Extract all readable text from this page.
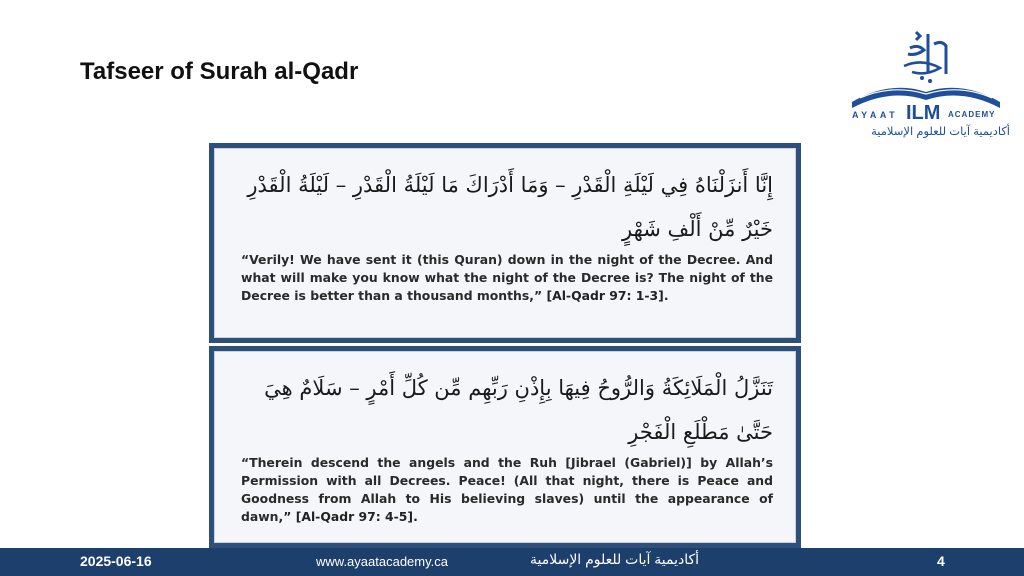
Tafseer of Surah al-Qadr
AYAAT ILM ACADEMY
أكاديمية آيات للعلوم الإسلامية
إِنَّا أَنزَلْنَاهُ فِي لَيْلَةِ الْقَدْرِ – وَمَا أَدْرَاكَ مَا لَيْلَةُ الْقَدْرِ – لَيْلَةُ الْقَدْرِ
خَيْرٌ مِّنْ أَلْفِ شَهْرٍ
“Verily! We have sent it (this Quran) down in the night of the Decree. And what will make you know what the night of the Decree is? The night of the Decree is better than a thousand months,” [Al-Qadr 97: 1-3].
تَنَزَّلُ الْمَلَائِكَةُ وَالرُّوحُ فِيهَا بِإِذْنِ رَبِّهِم مِّن كُلِّ أَمْرٍ – سَلَامٌ هِيَ
حَتَّىٰ مَطْلَعِ الْفَجْرِ
“Therein descend the angels and the Ruh [Jibrael (Gabriel)] by Allah’s Permission with all Decrees. Peace! (All that night, there is Peace and Goodness from Allah to His believing slaves) until the appearance of dawn,” [Al-Qadr 97: 4-5].
2025-06-16	www.ayaatacademy.ca	أكاديمية آيات للعلوم الإسلامية	4
